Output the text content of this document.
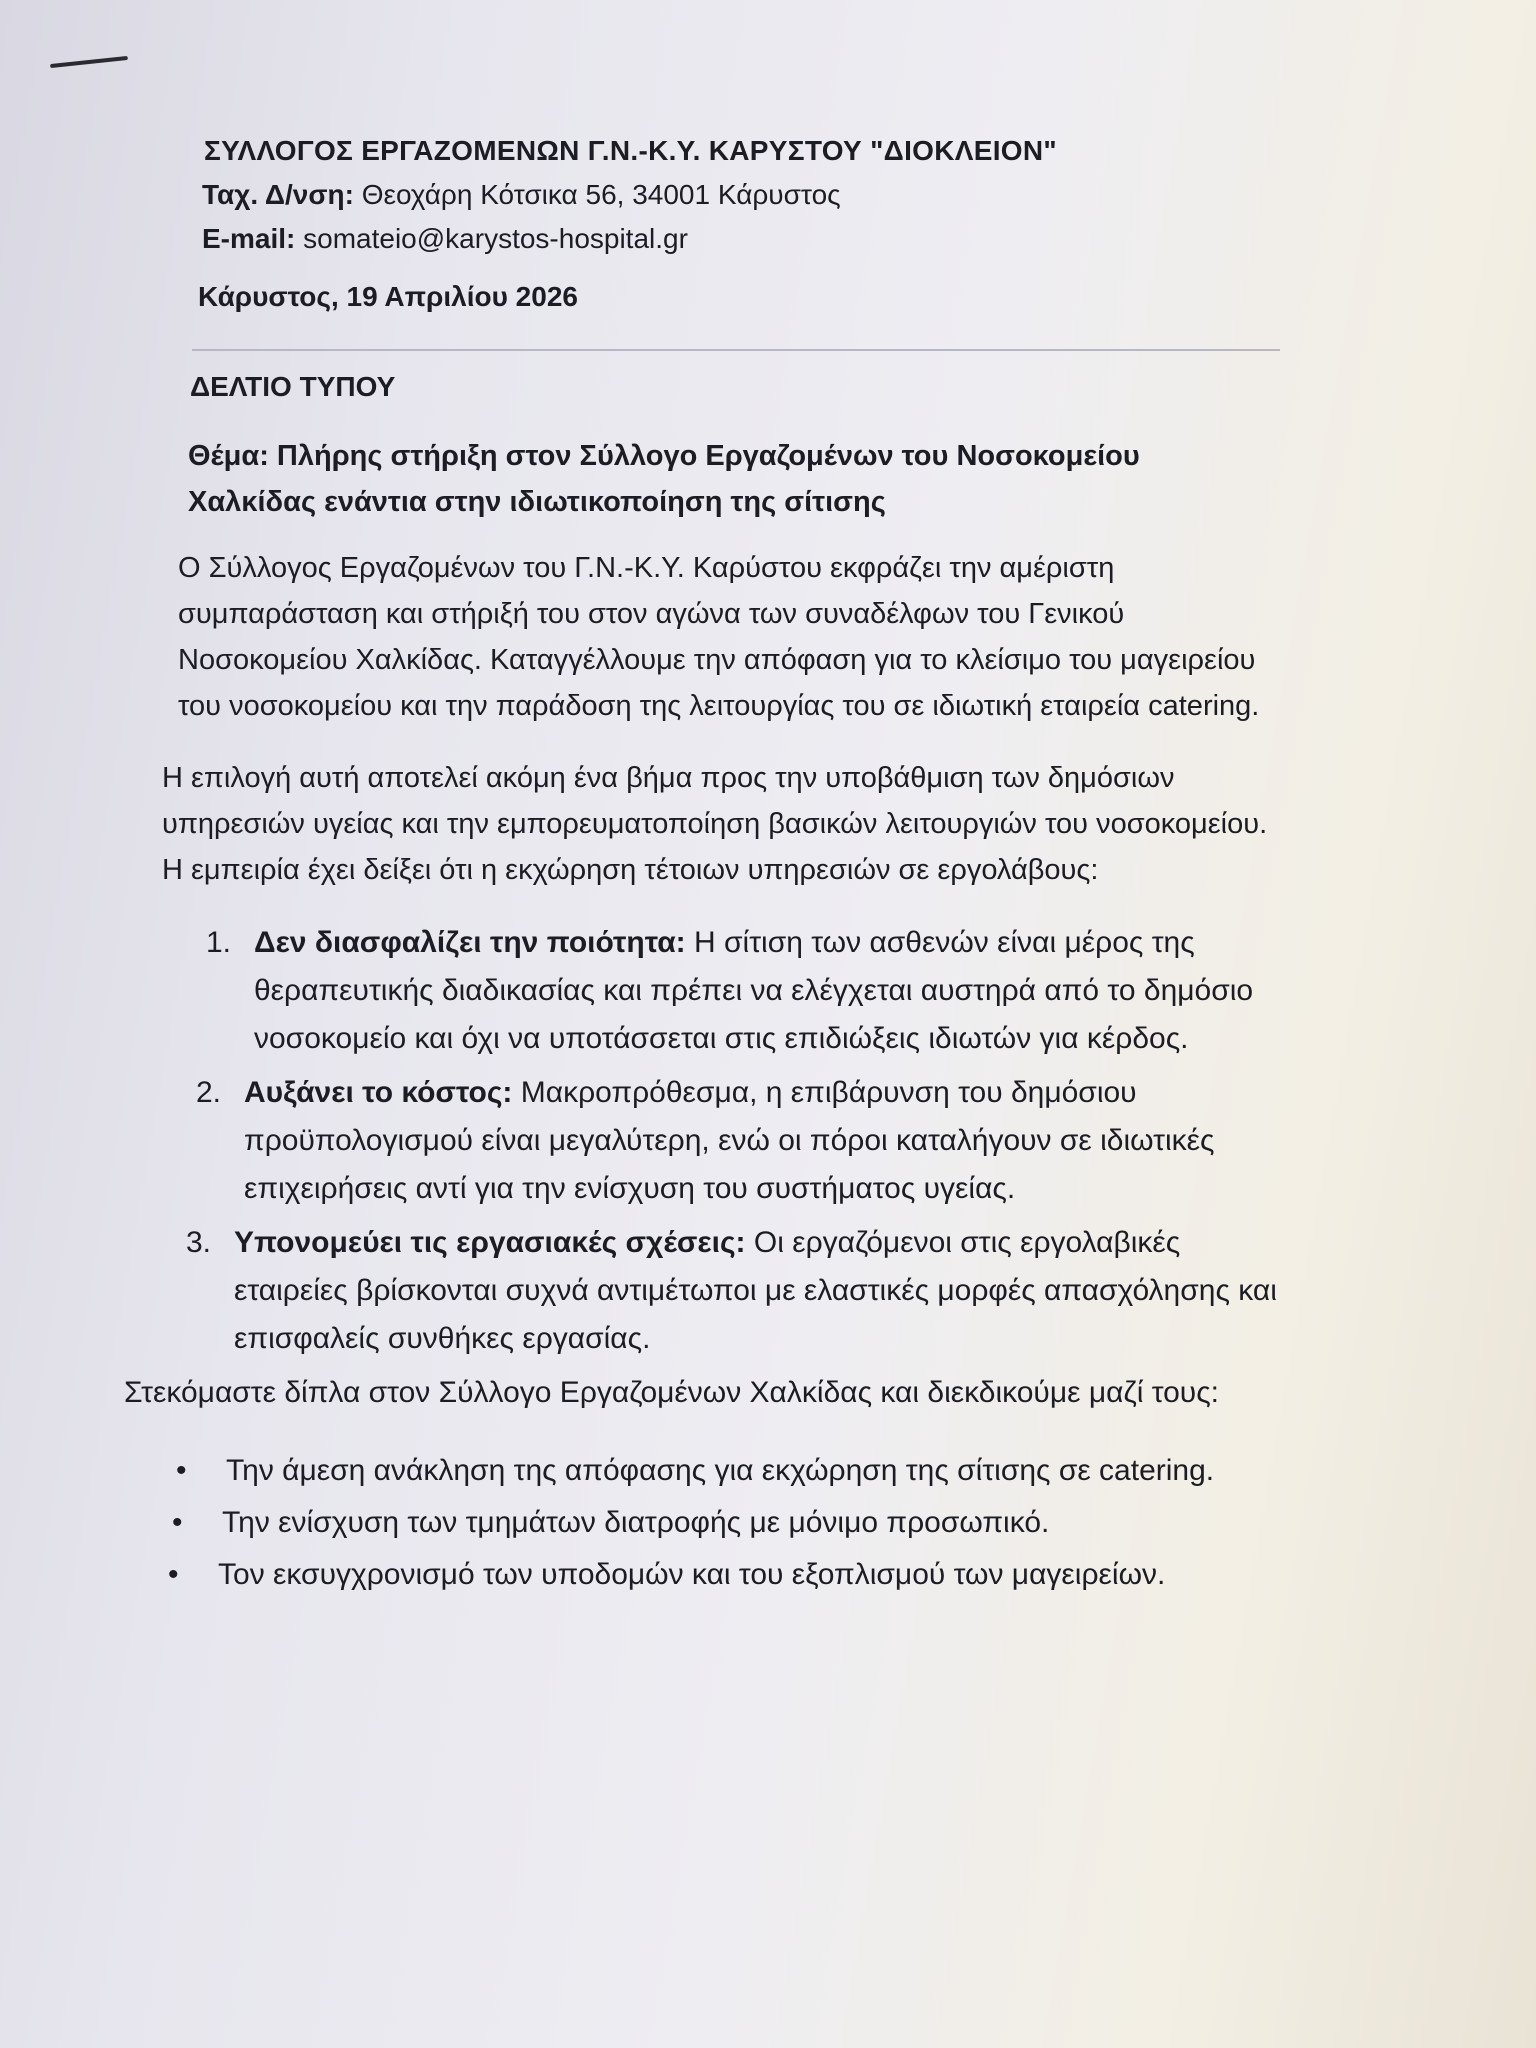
ΣΥΛΛΟΓΟΣ ΕΡΓΑΖΟΜΕΝΩΝ Γ.Ν.-Κ.Υ. ΚΑΡΥΣΤΟΥ "ΔΙΟΚΛΕΙΟΝ"
Ταχ. Δ/νση: Θεοχάρη Κότσικα 56, 34001 Κάρυστος
E-mail: somateio@karystos-hospital.gr
Κάρυστος, 19 Απριλίου 2026
ΔΕΛΤΙΟ ΤΥΠΟΥ
Θέμα: Πλήρης στήριξη στον Σύλλογο Εργαζομένων του Νοσοκομείου Χαλκίδας ενάντια στην ιδιωτικοποίηση της σίτισης

Ο Σύλλογος Εργαζομένων του Γ.Ν.-Κ.Υ. Καρύστου εκφράζει την αμέριστη συμπαράσταση και στήριξή του στον αγώνα των συναδέλφων του Γενικού Νοσοκομείου Χαλκίδας. Καταγγέλλουμε την απόφαση για το κλείσιμο του μαγειρείου του νοσοκομείου και την παράδοση της λειτουργίας του σε ιδιωτική εταιρεία catering.

Η επιλογή αυτή αποτελεί ακόμη ένα βήμα προς την υποβάθμιση των δημόσιων υπηρεσιών υγείας και την εμπορευματοποίηση βασικών λειτουργιών του νοσοκομείου. Η εμπειρία έχει δείξει ότι η εκχώρηση τέτοιων υπηρεσιών σε εργολάβους:

1. Δεν διασφαλίζει την ποιότητα: Η σίτιση των ασθενών είναι μέρος της θεραπευτικής διαδικασίας και πρέπει να ελέγχεται αυστηρά από το δημόσιο νοσοκομείο και όχι να υποτάσσεται στις επιδιώξεις ιδιωτών για κέρδος.
2. Αυξάνει το κόστος: Μακροπρόθεσμα, η επιβάρυνση του δημόσιου προϋπολογισμού είναι μεγαλύτερη, ενώ οι πόροι καταλήγουν σε ιδιωτικές επιχειρήσεις αντί για την ενίσχυση του συστήματος υγείας.
3. Υπονομεύει τις εργασιακές σχέσεις: Οι εργαζόμενοι στις εργολαβικές εταιρείες βρίσκονται συχνά αντιμέτωποι με ελαστικές μορφές απασχόλησης και επισφαλείς συνθήκες εργασίας.

Στεκόμαστε δίπλα στον Σύλλογο Εργαζομένων Χαλκίδας και διεκδικούμε μαζί τους:

• Την άμεση ανάκληση της απόφασης για εκχώρηση της σίτισης σε catering.
• Την ενίσχυση των τμημάτων διατροφής με μόνιμο προσωπικό.
• Τον εκσυγχρονισμό των υποδομών και του εξοπλισμού των μαγειρείων.
